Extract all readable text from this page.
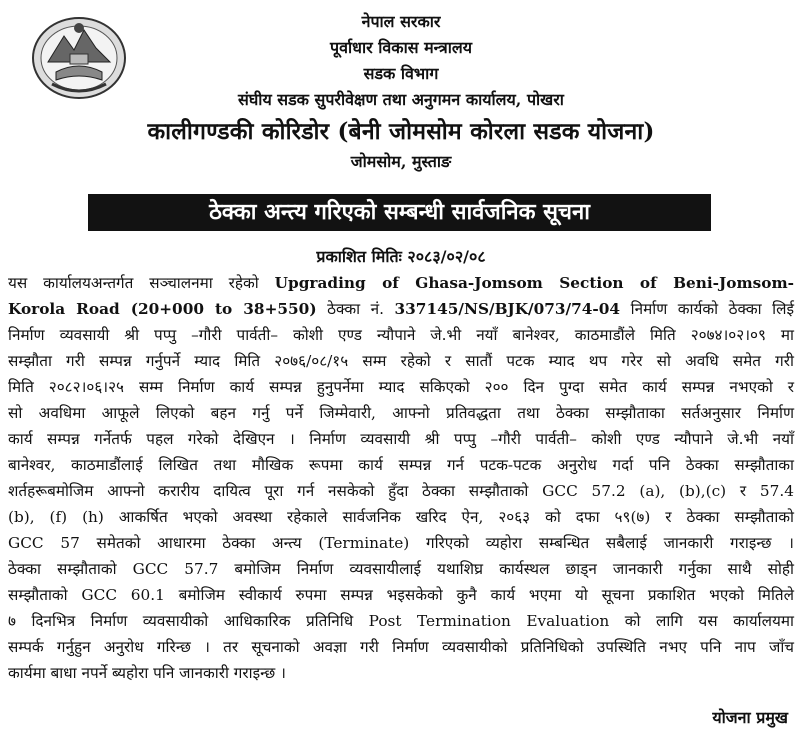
नेपाल सरकार
पूर्वाधार विकास मन्त्रालय
सडक विभाग
संघीय सडक सुपरीवेक्षण तथा अनुगमन कार्यालय, पोखरा
कालीगण्डकी कोरिडोर (बेनी जोमसोम कोरला सडक योजना)
जोमसोम, मुस्ताङ
ठेक्का अन्त्य गरिएको सम्बन्धी सार्वजनिक सूचना
प्रकाशित मितिः २०८३/०२/०८
यस कार्यालयअन्तर्गत सञ्चालनमा रहेको Upgrading of Ghasa-Jomsom Section of Beni-Jomsom-
Korola Road (20+000 to 38+550) ठेक्का नं. 337145/NS/BJK/073/74-04 निर्माण कार्यको ठेक्का लिई
निर्माण व्यवसायी श्री पप्पु –गौरी पार्वती– कोशी एण्ड न्यौपाने जे.भी नयाँ बानेश्वर, काठमाडौंले मिति २०७४।०२।०९ मा
सम्झौता गरी सम्पन्न गर्नुपर्ने म्याद मिति २०७६/०८/१५ सम्म रहेको र सातौं पटक म्याद थप गरेर सो अवधि समेत गरी
मिति २०८२।०६।२५ सम्म निर्माण कार्य सम्पन्न हुनुपर्नेमा म्याद सकिएको २०० दिन पुग्दा समेत कार्य सम्पन्न नभएको र
सो अवधिमा आफूले लिएको बहन गर्नु पर्ने जिम्मेवारी, आफ्नो प्रतिवद्धता तथा ठेक्का सम्झौताका सर्तअनुसार निर्माण
कार्य सम्पन्न गर्नेतर्फ पहल गरेको देखिएन । निर्माण व्यवसायी श्री पप्पु –गौरी पार्वती– कोशी एण्ड न्यौपाने जे.भी नयाँ
बानेश्वर, काठमाडौंलाई लिखित तथा मौखिक रूपमा कार्य सम्पन्न गर्न पटक-पटक अनुरोध गर्दा पनि ठेक्का सम्झौताका
शर्तहरूबमोजिम आफ्नो करारीय दायित्व पूरा गर्न नसकेको हुँदा ठेक्का सम्झौताको GCC 57.2 (a), (b),(c) र 57.4
(b), (f) (h) आकर्षित भएको अवस्था रहेकाले सार्वजनिक खरिद ऐन, २०६३ को दफा ५९(७) र ठेक्का सम्झौताको
GCC 57 समेतको आधारमा ठेक्का अन्त्य (Terminate) गरिएको व्यहोरा सम्बन्धित सबैलाई जानकारी गराइन्छ ।
ठेक्का सम्झौताको GCC 57.7 बमोजिम निर्माण व्यवसायीलाई यथाशिघ्र कार्यस्थल छाड्न जानकारी गर्नुका साथै सोही
सम्झौताको GCC 60.1 बमोजिम स्वीकार्य रुपमा सम्पन्न भइसकेको कुनै कार्य भएमा यो सूचना प्रकाशित भएको मितिले
७ दिनभित्र निर्माण व्यवसायीको आधिकारिक प्रतिनिधि Post Termination Evaluation को लागि यस कार्यालयमा
सम्पर्क गर्नुहुन अनुरोध गरिन्छ । तर सूचनाको अवज्ञा गरी निर्माण व्यवसायीको प्रतिनिधिको उपस्थिति नभए पनि नाप जाँच
कार्यमा बाधा नपर्ने ब्यहोरा पनि जानकारी गराइन्छ ।
योजना प्रमुख
